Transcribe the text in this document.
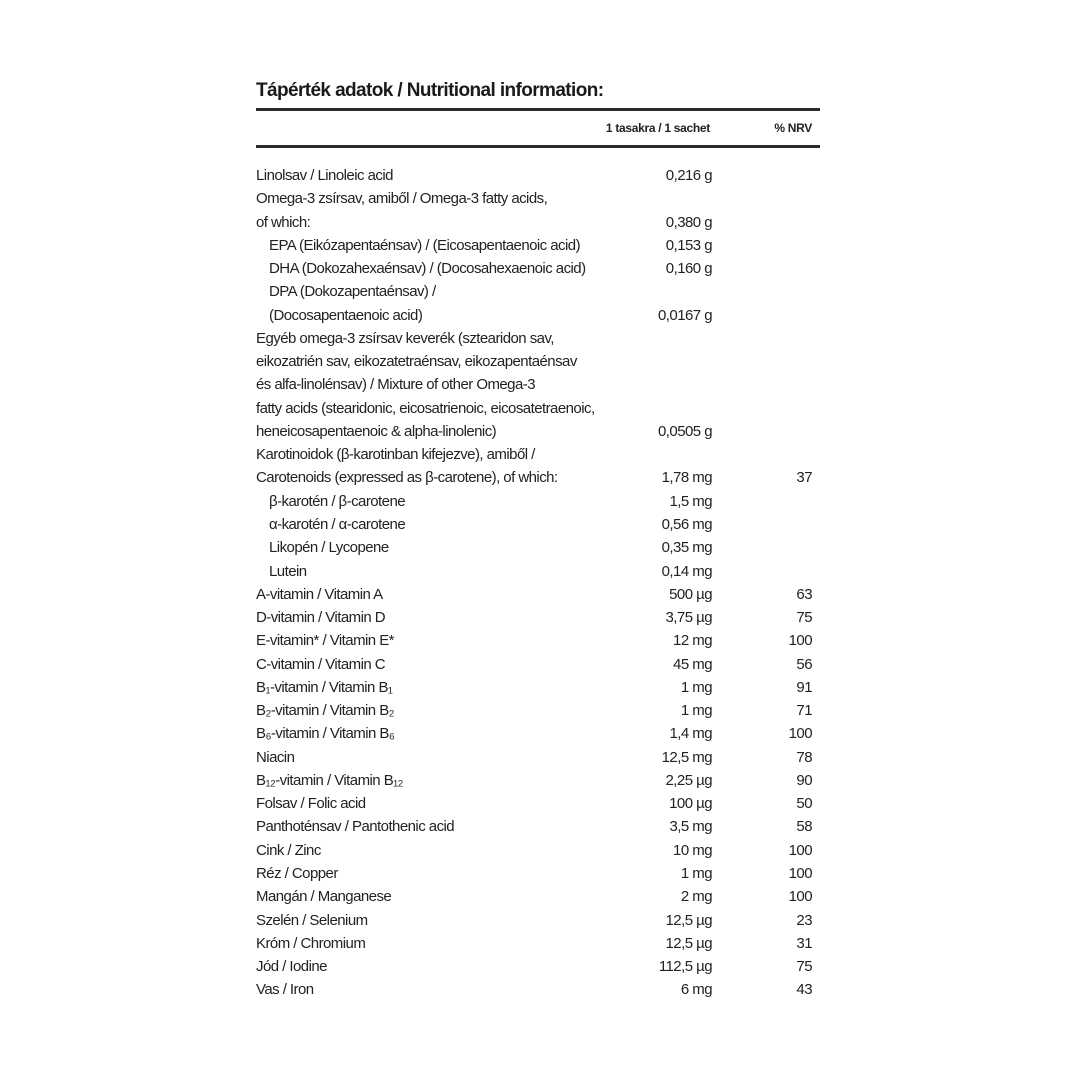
Tápérték adatok / Nutritional information:
1 tasakra / 1 sachet	% NRV
Linolsav / Linoleic acid	0,216 g
Omega-3 zsírsav, amiből / Omega-3 fatty acids,
of which:	0,380 g
EPA (Eikózapentaénsav) / (Eicosapentaenoic acid)	0,153 g
DHA (Dokozahexaénsav) / (Docosahexaenoic acid)	0,160 g
DPA (Dokozapentaénsav) /
(Docosapentaenoic acid)	0,0167 g
Egyéb omega-3 zsírsav keverék (sztearidon sav,
eikozatrién sav, eikozatetraénsav, eikozapentaénsav
és alfa-linolénsav) / Mixture of other Omega-3
fatty acids (stearidonic, eicosatrienoic, eicosatetraenoic,
heneicosapentaenoic & alpha-linolenic)	0,0505 g
Karotinoidok (β-karotinban kifejezve), amiből /
Carotenoids (expressed as β-carotene), of which:	1,78 mg	37
β-karotén / β-carotene	1,5 mg
α-karotén / α-carotene	0,56 mg
Likopén / Lycopene	0,35 mg
Lutein	0,14 mg
A-vitamin / Vitamin A	500 µg	63
D-vitamin / Vitamin D	3,75 µg	75
E-vitamin* / Vitamin E*	12 mg	100
C-vitamin / Vitamin C	45 mg	56
B₁-vitamin / Vitamin B₁	1 mg	91
B₂-vitamin / Vitamin B₂	1 mg	71
B₆-vitamin / Vitamin B₆	1,4 mg	100
Niacin	12,5 mg	78
B₁₂-vitamin / Vitamin B₁₂	2,25 µg	90
Folsav / Folic acid	100 µg	50
Panthoténsav / Pantothenic acid	3,5 mg	58
Cink / Zinc	10 mg	100
Réz / Copper	1 mg	100
Mangán / Manganese	2 mg	100
Szelén / Selenium	12,5 µg	23
Króm / Chromium	12,5 µg	31
Jód / Iodine	112,5 µg	75
Vas / Iron	6 mg	43
